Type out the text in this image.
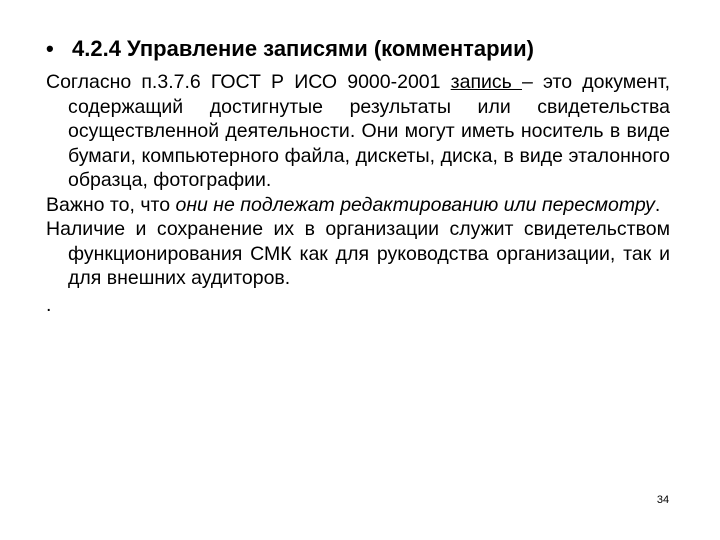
• 4.2.4 Управление записями (комментарии)

Согласно п.3.7.6 ГОСТ Р ИСО 9000-2001 запись – это документ, содержащий достигнутые результаты или свидетельства осуществленной деятельности. Они могут иметь носитель в виде бумаги, компьютерного файла, дискеты, диска, в виде эталонного образца, фотографии.

Важно то, что они не подлежат редактированию или пересмотру.

Наличие и сохранение их в организации служит свидетельством функционирования СМК как для руководства организации, так и для внешних аудиторов.

.

34
